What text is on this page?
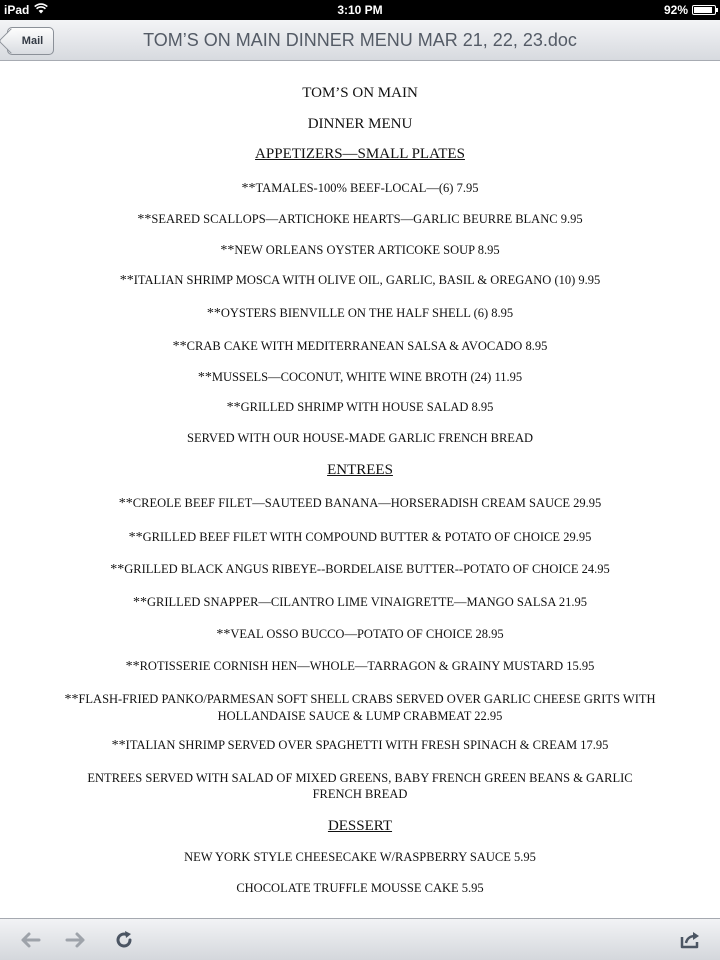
iPad	3:10 PM	92%
Mail	TOM’S ON MAIN DINNER MENU MAR 21, 22, 23.doc
TOM’S ON MAIN
DINNER MENU
APPETIZERS—SMALL PLATES
**TAMALES-100% BEEF-LOCAL—(6) 7.95
**SEARED SCALLOPS—ARTICHOKE HEARTS—GARLIC BEURRE BLANC 9.95
**NEW ORLEANS OYSTER ARTICOKE SOUP 8.95
**ITALIAN SHRIMP MOSCA WITH OLIVE OIL, GARLIC, BASIL & OREGANO (10) 9.95
**OYSTERS BIENVILLE ON THE HALF SHELL (6) 8.95
**CRAB CAKE WITH MEDITERRANEAN SALSA & AVOCADO 8.95
**MUSSELS—COCONUT, WHITE WINE BROTH (24) 11.95
**GRILLED SHRIMP WITH HOUSE SALAD 8.95
SERVED WITH OUR HOUSE-MADE GARLIC FRENCH BREAD
ENTREES
**CREOLE BEEF FILET—SAUTEED BANANA—HORSERADISH CREAM SAUCE 29.95
**GRILLED BEEF FILET WITH COMPOUND BUTTER & POTATO OF CHOICE 29.95
**GRILLED BLACK ANGUS RIBEYE--BORDELAISE BUTTER--POTATO OF CHOICE 24.95
**GRILLED SNAPPER—CILANTRO LIME VINAIGRETTE—MANGO SALSA 21.95
**VEAL OSSO BUCCO—POTATO OF CHOICE 28.95
**ROTISSERIE CORNISH HEN—WHOLE—TARRAGON & GRAINY MUSTARD 15.95
**FLASH-FRIED PANKO/PARMESAN SOFT SHELL CRABS SERVED OVER GARLIC CHEESE GRITS WITH HOLLANDAISE SAUCE & LUMP CRABMEAT 22.95
**ITALIAN SHRIMP SERVED OVER SPAGHETTI WITH FRESH SPINACH & CREAM 17.95
ENTREES SERVED WITH SALAD OF MIXED GREENS, BABY FRENCH GREEN BEANS & GARLIC FRENCH BREAD
DESSERT
NEW YORK STYLE CHEESECAKE W/RASPBERRY SAUCE 5.95
CHOCOLATE TRUFFLE MOUSSE CAKE 5.95
